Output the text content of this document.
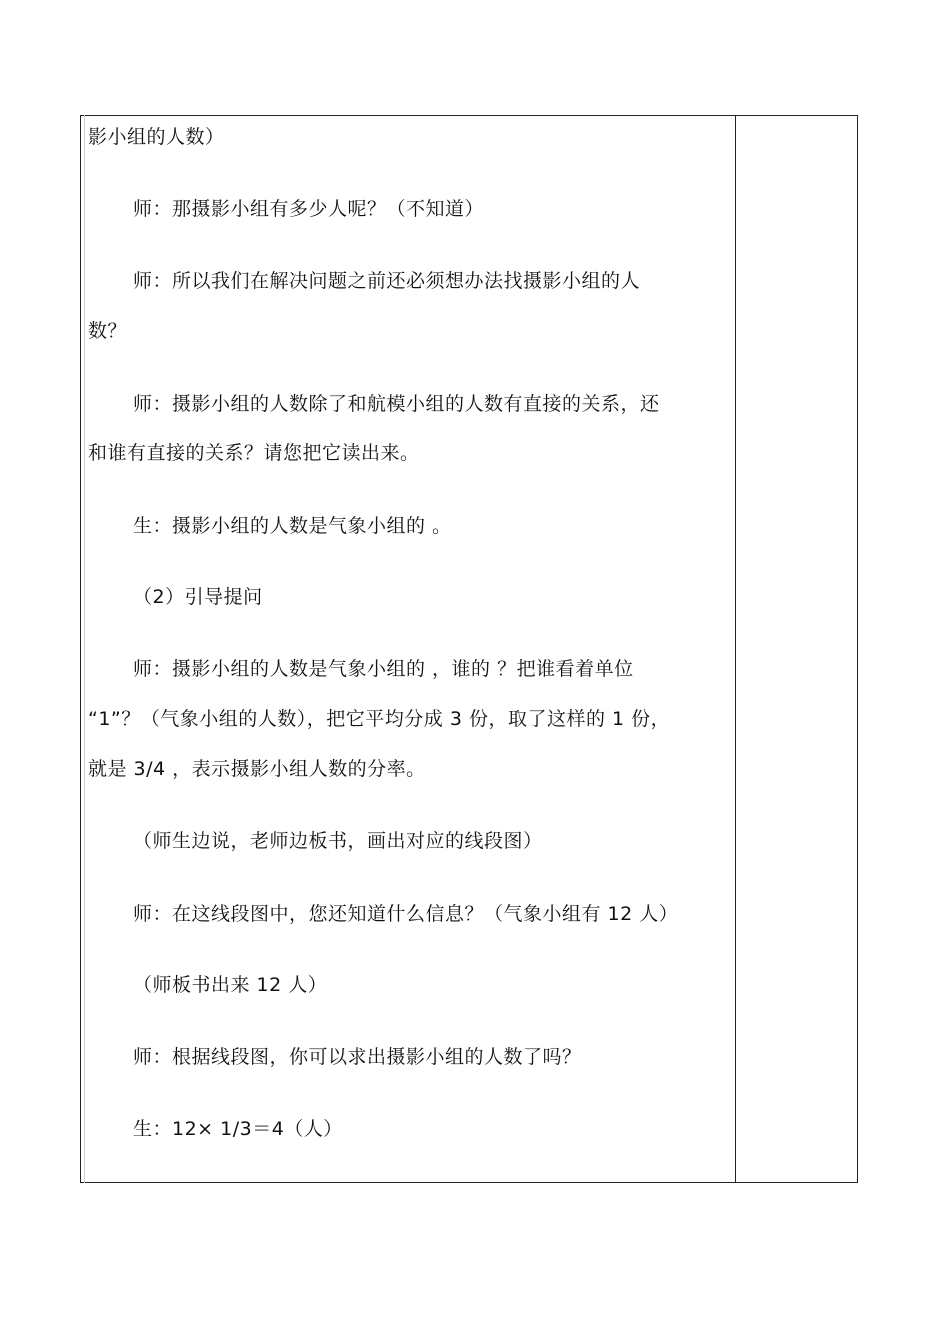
影小组的人数）
师：那摄影小组有多少人呢？（不知道）
师：所以我们在解决问题之前还必须想办法找摄影小组的人
数？
师：摄影小组的人数除了和航模小组的人数有直接的关系，还
和谁有直接的关系？请您把它读出来。
生：摄影小组的人数是气象小组的 。
（2）引导提问
师：摄影小组的人数是气象小组的 ，谁的 ？把谁看着单位
“1”？（气象小组的人数），把它平均分成 3 份，取了这样的 1 份，
就是 3/4 ，表示摄影小组人数的分率。
（师生边说，老师边板书，画出对应的线段图）
师：在这线段图中，您还知道什么信息？（气象小组有 12 人）
（师板书出来 12 人）
师：根据线段图，你可以求出摄影小组的人数了吗？
生：12× 1/3＝4（人）
